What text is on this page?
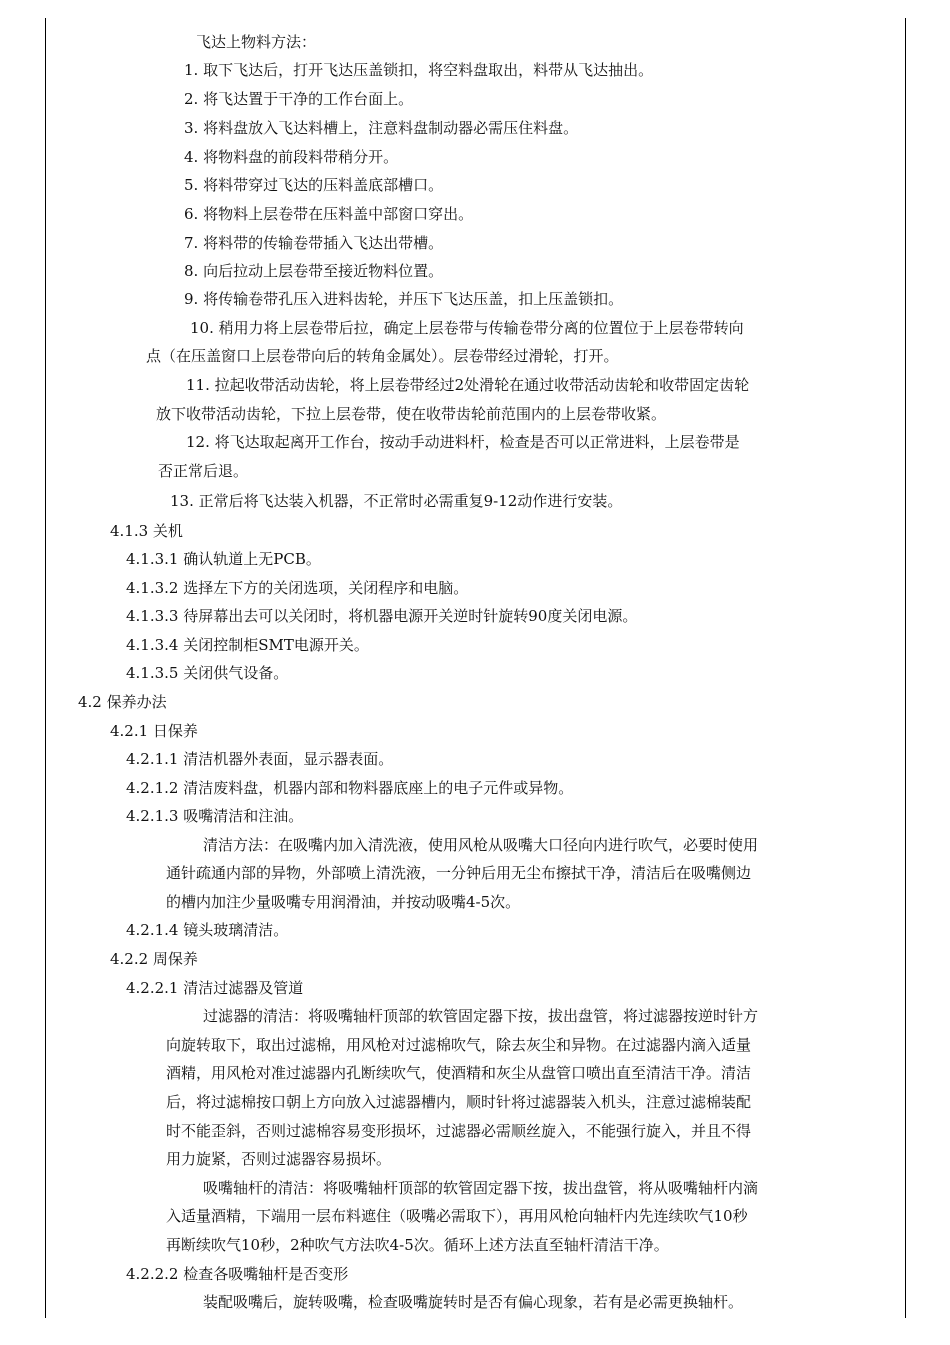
飞达上物料方法：
1. 取下飞达后，打开飞达压盖锁扣，将空料盘取出，料带从飞达抽出。
2. 将飞达置于干净的工作台面上。
3. 将料盘放入飞达料槽上，注意料盘制动器必需压住料盘。
4. 将物料盘的前段料带稍分开。
5. 将料带穿过飞达的压料盖底部槽口。
6. 将物料上层卷带在压料盖中部窗口穿出。
7. 将料带的传输卷带插入飞达出带槽。
8. 向后拉动上层卷带至接近物料位置。
9. 将传输卷带孔压入进料齿轮，并压下飞达压盖，扣上压盖锁扣。
10. 稍用力将上层卷带后拉，确定上层卷带与传输卷带分离的位置位于上层卷带转向
点（在压盖窗口上层卷带向后的转角金属处）。层卷带经过滑轮，打开。
11. 拉起收带活动齿轮，将上层卷带经过2处滑轮在通过收带活动齿轮和收带固定齿轮
放下收带活动齿轮，下拉上层卷带，使在收带齿轮前范围内的上层卷带收紧。
12. 将飞达取起离开工作台，按动手动进料杆，检查是否可以正常进料，上层卷带是
否正常后退。
13. 正常后将飞达装入机器，不正常时必需重复9-12动作进行安装。
4.1.3 关机
4.1.3.1 确认轨道上无PCB。
4.1.3.2 选择左下方的关闭选项，关闭程序和电脑。
4.1.3.3 待屏幕出去可以关闭时，将机器电源开关逆时针旋转90度关闭电源。
4.1.3.4 关闭控制柜SMT电源开关。
4.1.3.5 关闭供气设备。
4.2 保养办法
4.2.1 日保养
4.2.1.1 清洁机器外表面，显示器表面。
4.2.1.2 清洁废料盘，机器内部和物料器底座上的电子元件或异物。
4.2.1.3 吸嘴清洁和注油。
清洁方法：在吸嘴内加入清洗液，使用风枪从吸嘴大口径向内进行吹气，必要时使用
通针疏通内部的异物，外部喷上清洗液，一分钟后用无尘布擦拭干净，清洁后在吸嘴侧边
的槽内加注少量吸嘴专用润滑油，并按动吸嘴4-5次。
4.2.1.4 镜头玻璃清洁。
4.2.2 周保养
4.2.2.1 清洁过滤器及管道
过滤器的清洁：将吸嘴轴杆顶部的软管固定器下按，拔出盘管，将过滤器按逆时针方
向旋转取下，取出过滤棉，用风枪对过滤棉吹气，除去灰尘和异物。在过滤器内滴入适量
酒精，用风枪对准过滤器内孔断续吹气，使酒精和灰尘从盘管口喷出直至清洁干净。清洁
后，将过滤棉按口朝上方向放入过滤器槽内，顺时针将过滤器装入机头，注意过滤棉装配
时不能歪斜，否则过滤棉容易变形损坏，过滤器必需顺丝旋入，不能强行旋入，并且不得
用力旋紧，否则过滤器容易损坏。
吸嘴轴杆的清洁：将吸嘴轴杆顶部的软管固定器下按，拔出盘管，将从吸嘴轴杆内滴
入适量酒精，下端用一层布料遮住（吸嘴必需取下），再用风枪向轴杆内先连续吹气10秒
再断续吹气10秒，2种吹气方法吹4-5次。循环上述方法直至轴杆清洁干净。
4.2.2.2 检查各吸嘴轴杆是否变形
装配吸嘴后，旋转吸嘴，检查吸嘴旋转时是否有偏心现象，若有是必需更换轴杆。
